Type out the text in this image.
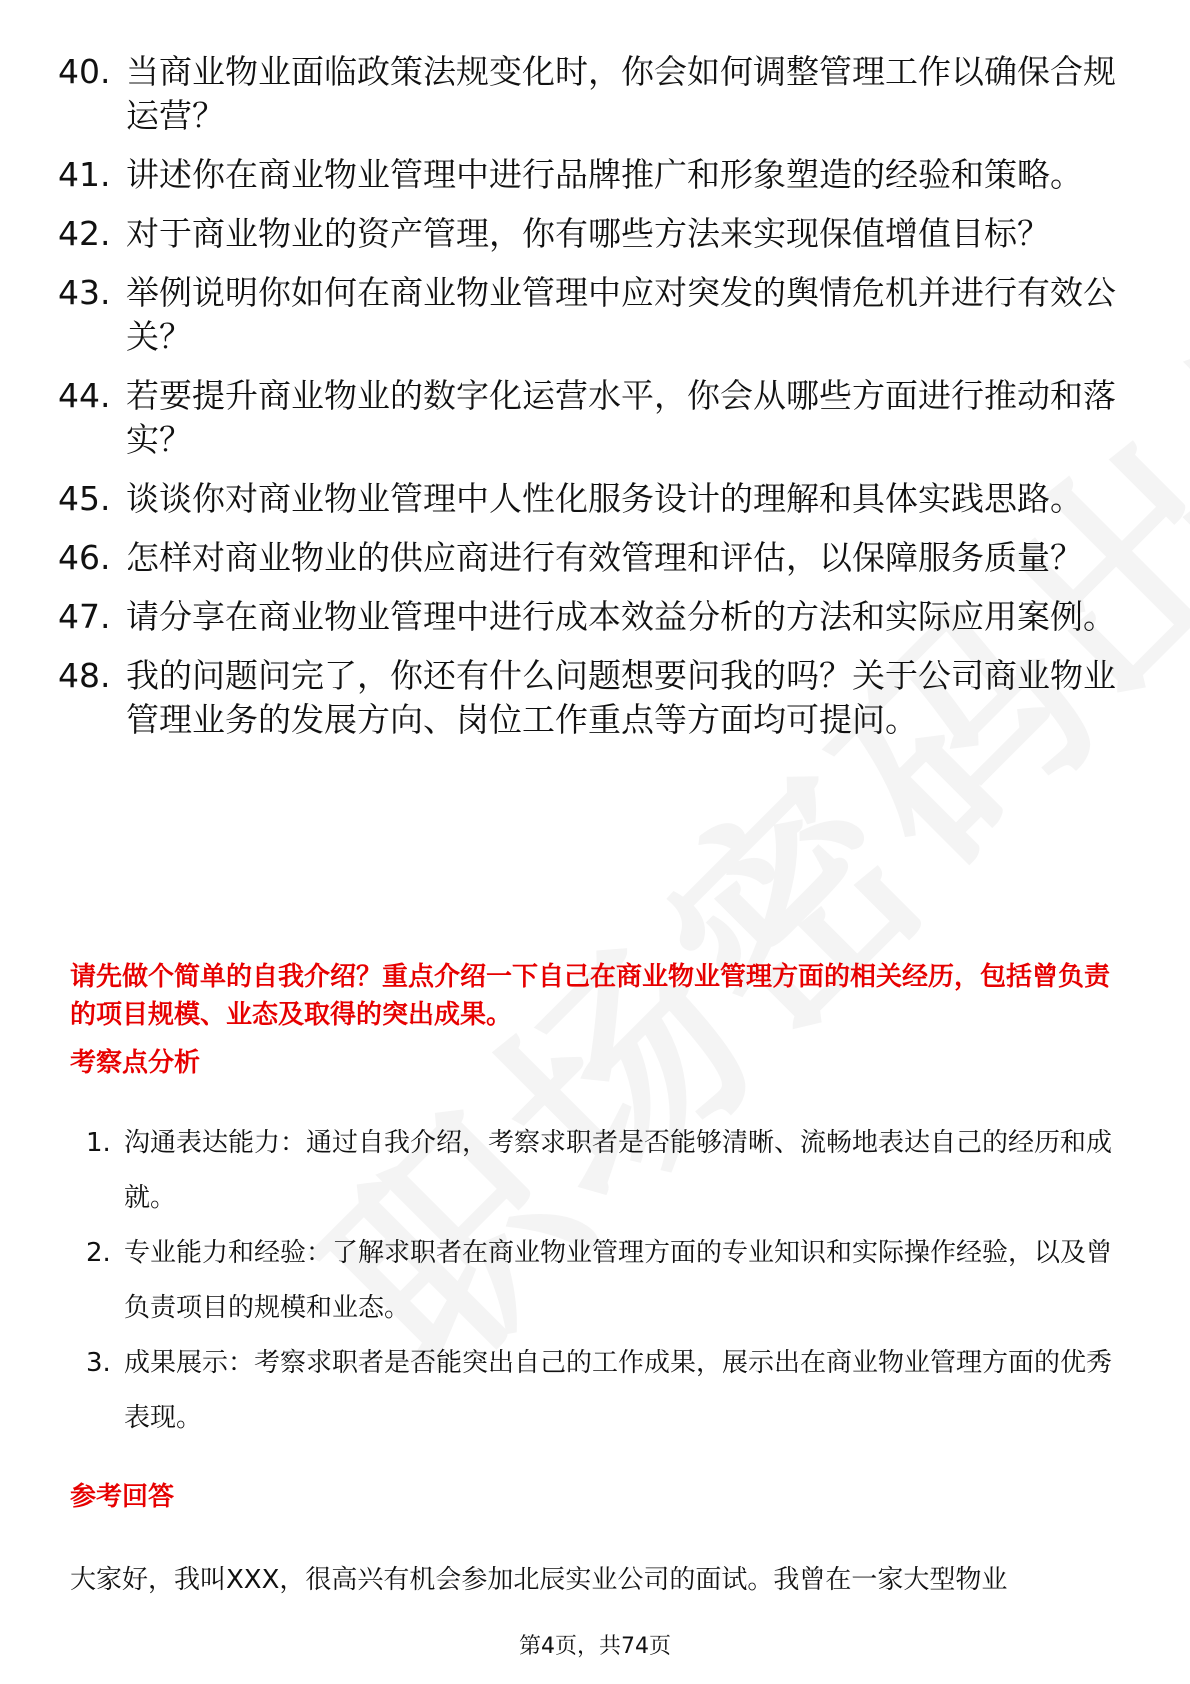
40. 当商业物业面临政策法规变化时，你会如何调整管理工作以确保合规运营？
41. 讲述你在商业物业管理中进行品牌推广和形象塑造的经验和策略。
42. 对于商业物业的资产管理，你有哪些方法来实现保值增值目标？
43. 举例说明你如何在商业物业管理中应对突发的舆情危机并进行有效公关？
44. 若要提升商业物业的数字化运营水平，你会从哪些方面进行推动和落实？
45. 谈谈你对商业物业管理中人性化服务设计的理解和具体实践思路。
46. 怎样对商业物业的供应商进行有效管理和评估，以保障服务质量？
47. 请分享在商业物业管理中进行成本效益分析的方法和实际应用案例。
48. 我的问题问完了，你还有什么问题想要问我的吗？关于公司商业物业管理业务的发展方向、岗位工作重点等方面均可提问。
请先做个简单的自我介绍？重点介绍一下自己在商业物业管理方面的相关经历，包括曾负责的项目规模、业态及取得的突出成果。
考察点分析
1. 沟通表达能力：通过自我介绍，考察求职者是否能够清晰、流畅地表达自己的经历和成就。
2. 专业能力和经验：了解求职者在商业物业管理方面的专业知识和实际操作经验，以及曾负责项目的规模和业态。
3. 成果展示：考察求职者是否能突出自己的工作成果，展示出在商业物业管理方面的优秀表现。
参考回答
大家好，我叫XXX，很高兴有机会参加北辰实业公司的面试。我曾在一家大型物业
第4页，共74页
